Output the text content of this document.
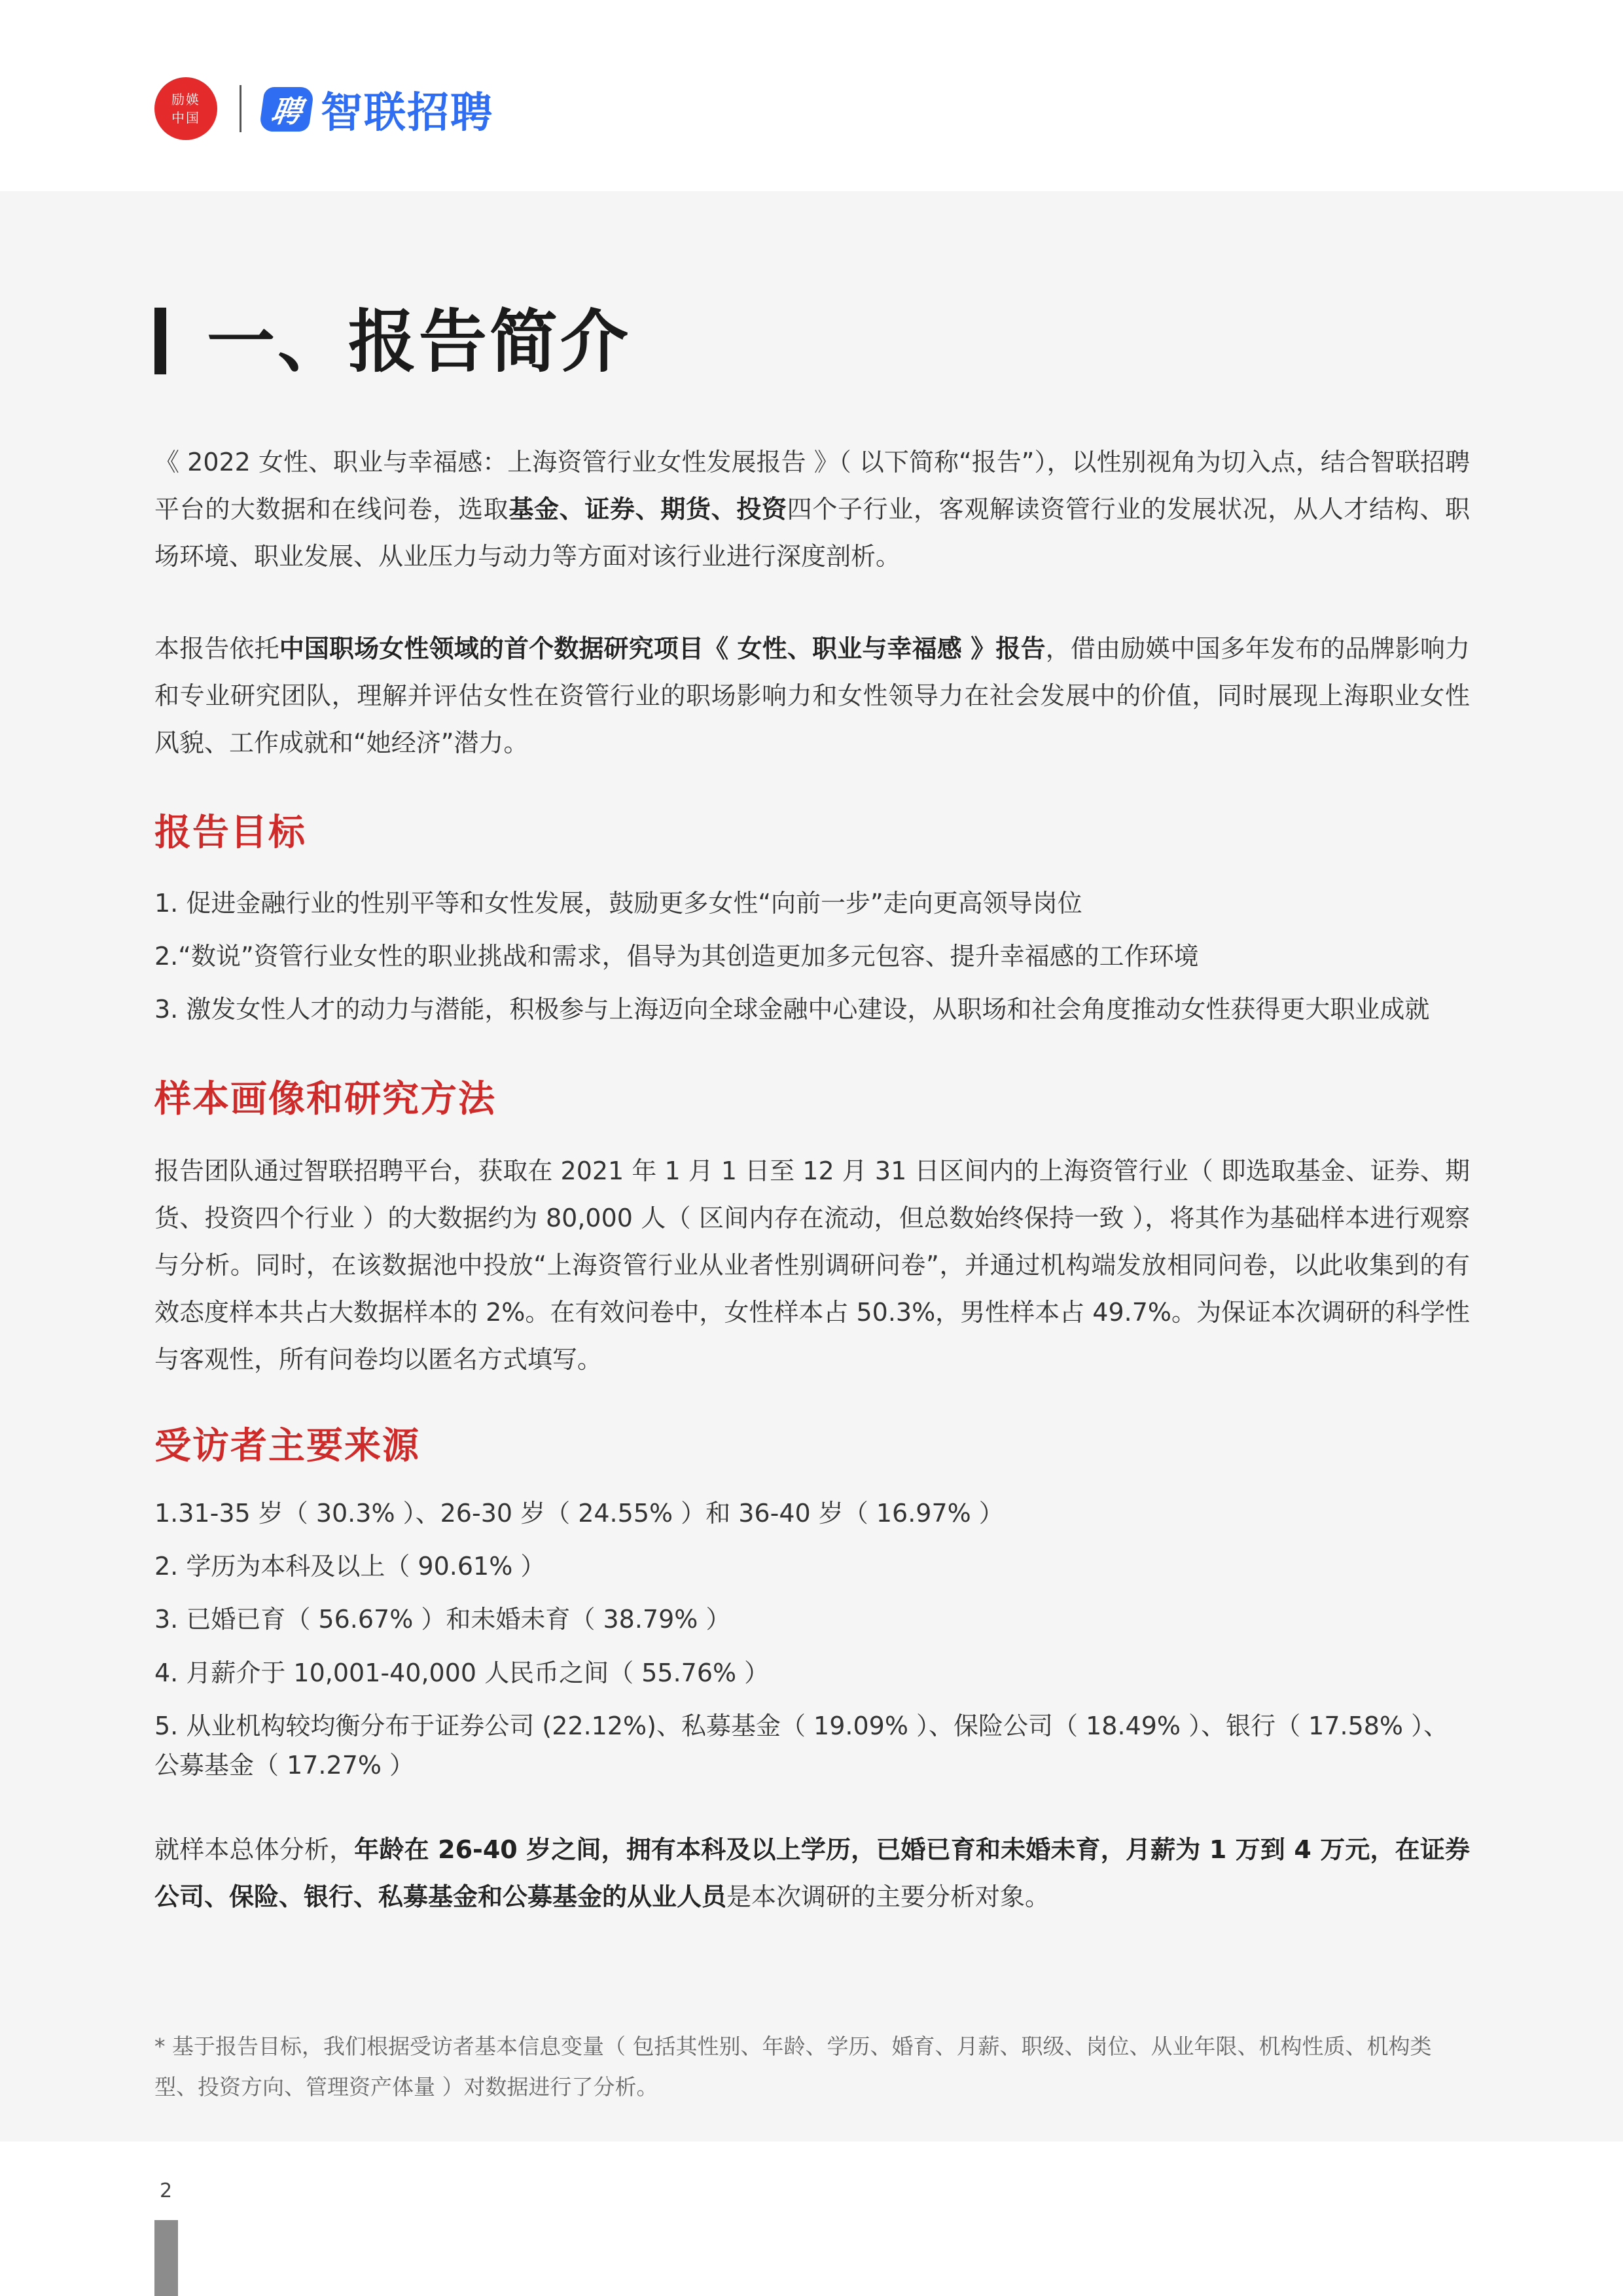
励媖
中国	聘 智联招聘
一、报告简介
《 2022 女性、职业与幸福感：上海资管行业女性发展报告 》（ 以下简称“报告”），以性别视角为切入点，结合智联招聘平台的大数据和在线问卷，选取基金、证券、期货、投资四个子行业，客观解读资管行业的发展状况，从人才结构、职场环境、职业发展、从业压力与动力等方面对该行业进行深度剖析。
本报告依托中国职场女性领域的首个数据研究项目《 女性、职业与幸福感 》报告，借由励媖中国多年发布的品牌影响力和专业研究团队，理解并评估女性在资管行业的职场影响力和女性领导力在社会发展中的价值，同时展现上海职业女性风貌、工作成就和“她经济”潜力。
报告目标
1. 促进金融行业的性别平等和女性发展，鼓励更多女性“向前一步”走向更高领导岗位
2.“数说”资管行业女性的职业挑战和需求，倡导为其创造更加多元包容、提升幸福感的工作环境
3. 激发女性人才的动力与潜能，积极参与上海迈向全球金融中心建设，从职场和社会角度推动女性获得更大职业成就
样本画像和研究方法
报告团队通过智联招聘平台，获取在 2021 年 1 月 1 日至 12 月 31 日区间内的上海资管行业（ 即选取基金、证券、期货、投资四个行业 ）的大数据约为 80,000 人（ 区间内存在流动，但总数始终保持一致 ），将其作为基础样本进行观察与分析。同时，在该数据池中投放“上海资管行业从业者性别调研问卷”，并通过机构端发放相同问卷，以此收集到的有效态度样本共占大数据样本的 2%。在有效问卷中，女性样本占 50.3%，男性样本占 49.7%。为保证本次调研的科学性与客观性，所有问卷均以匿名方式填写。
受访者主要来源
1.31-35 岁（ 30.3% ）、26-30 岁（ 24.55% ）和 36-40 岁（ 16.97% ）
2. 学历为本科及以上（ 90.61% ）
3. 已婚已育（ 56.67% ）和未婚未育（ 38.79% ）
4. 月薪介于 10,001-40,000 人民币之间（ 55.76% ）
5. 从业机构较均衡分布于证券公司 (22.12%)、私募基金（ 19.09% ）、保险公司（ 18.49% ）、银行（ 17.58% ）、公募基金（ 17.27% ）
就样本总体分析，年龄在 26-40 岁之间，拥有本科及以上学历，已婚已育和未婚未育，月薪为 1 万到 4 万元，在证券公司、保险、银行、私募基金和公募基金的从业人员是本次调研的主要分析对象。
* 基于报告目标，我们根据受访者基本信息变量（ 包括其性别、年龄、学历、婚育、月薪、职级、岗位、从业年限、机构性质、机构类型、投资方向、管理资产体量 ）对数据进行了分析。
2
